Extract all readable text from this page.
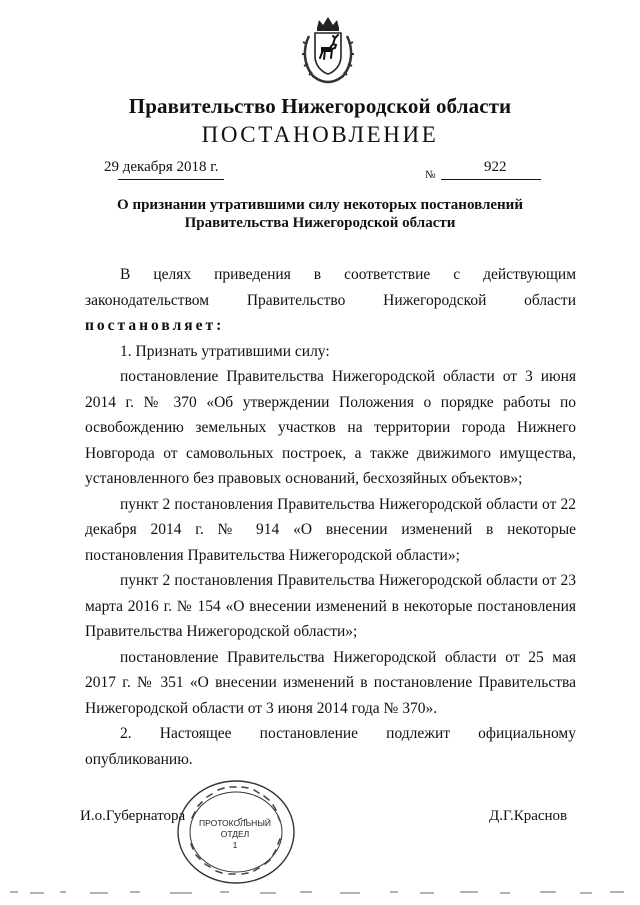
Правительство Нижегородской области
ПОСТАНОВЛЕНИЕ
29 декабря 2018 г.	№	922
О признании утратившими силу некоторых постановлений
Правительства Нижегородской области

В целях приведения в соответствие с действующим

законодательством Правительство Нижегородской области

постановляет:

1. Признать утратившими силу:

постановление Правительства Нижегородской области от 3 июня 2014 г. № 370 «Об утверждении Положения о порядке работы по освобождению земельных участков на территории города Нижнего Новгорода от самовольных построек, а также движимого имущества, установленного без правовых оснований, бесхозяйных объектов»;

пункт 2 постановления Правительства Нижегородской области от 22 декабря 2014 г. № 914 «О внесении изменений в некоторые постановления Правительства Нижегородской области»;

пункт 2 постановления Правительства Нижегородской области от 23 марта 2016 г. № 154 «О внесении изменений в некоторые постановления Правительства Нижегородской области»;

постановление Правительства Нижегородской области от 25 мая 2017 г. № 351 «О внесении изменений в постановление Правительства Нижегородской области от 3 июня 2014 года № 370».

2. Настоящее постановление подлежит официальному опубликованию.

И.о.Губернатора	Д.Г.Краснов
ПРОТОКОЛЬНЫЙ
ОТДЕЛ
1
